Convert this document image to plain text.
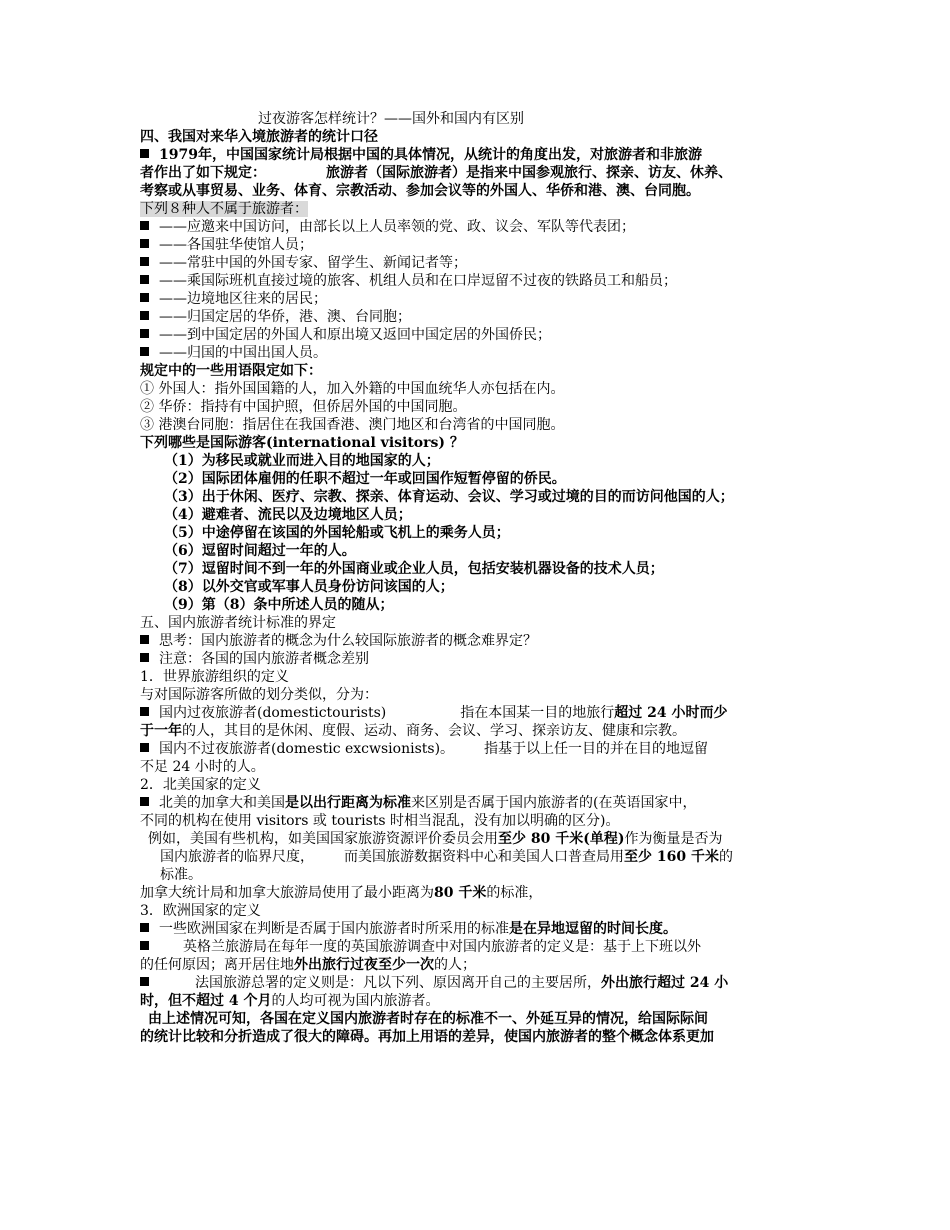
过夜游客怎样统计？——国外和国内有区别
四、我国对来华入境旅游者的统计口径
1979年，中国国家统计局根据中国的具体情况，从统计的角度出发，对旅游者和非旅游
者作出了如下规定：	旅游者（国际旅游者）是指来中国参观旅行、探亲、访友、休养、
考察或从事贸易、业务、体育、宗教活动、参加会议等的外国人、华侨和港、澳、台同胞。
下列８种人不属于旅游者：
——应邀来中国访问，由部长以上人员率领的党、政、议会、军队等代表团；
——各国驻华使馆人员；
——常驻中国的外国专家、留学生、新闻记者等；
——乘国际班机直接过境的旅客、机组人员和在口岸逗留不过夜的铁路员工和船员；
——边境地区往来的居民；
——归国定居的华侨，港、澳、台同胞；
——到中国定居的外国人和原出境又返回中国定居的外国侨民；
——归国的中国出国人员。
规定中的一些用语限定如下：
① 外国人：指外国国籍的人，加入外籍的中国血统华人亦包括在内。
② 华侨：指持有中国护照，但侨居外国的中国同胞。
③ 港澳台同胞：指居住在我国香港、澳门地区和台湾省的中国同胞。
下列哪些是国际游客(international visitors) ？
（1）为移民或就业而进入目的地国家的人；
（2）国际团体雇佣的任职不超过一年或回国作短暂停留的侨民。
（3）出于休闲、医疗、宗教、探亲、体育运动、会议、学习或过境的目的而访问他国的人；
（4）避难者、流民以及边境地区人员；
（5）中途停留在该国的外国轮船或飞机上的乘务人员；
（6）逗留时间超过一年的人。
（7）逗留时间不到一年的外国商业或企业人员，包括安装机器设备的技术人员；
（8）以外交官或军事人员身份访问该国的人；
（9）第（8）条中所述人员的随从；
五、国内旅游者统计标准的界定
思考：国内旅游者的概念为什么较国际旅游者的概念难界定？
注意：各国的国内旅游者概念差别
1．世界旅游组织的定义
与对国际游客所做的划分类似，分为：
国内过夜旅游者(domestictourists)	指在本国某一目的地旅行超过 24 小时而少
于一年的人，其目的是休闲、度假、运动、商务、会议、学习、探亲访友、健康和宗教。
国内不过夜旅游者(domestic excwsionists)。 指基于以上任一目的并在目的地逗留
不足 24 小时的人。
2．北美国家的定义
北美的加拿大和美国是以出行距离为标准来区别是否属于国内旅游者的(在英语国家中，
不同的机构在使用 visitors 或 tourists 时相当混乱，没有加以明确的区分)。
例如，美国有些机构，如美国国家旅游资源评价委员会用至少 80 千米(单程)作为衡量是否为
国内旅游者的临界尺度， 而美国旅游数据资料中心和美国人口普查局用至少 160 千米的
标准。
加拿大统计局和加拿大旅游局使用了最小距离为80 千米的标准，
3．欧洲国家的定义
一些欧洲国家在判断是否属于国内旅游者时所采用的标准是在异地逗留的时间长度。
英格兰旅游局在每年一度的英国旅游调查中对国内旅游者的定义是：基于上下班以外
的任何原因；离开居住地外出旅行过夜至少一次的人；
法国旅游总署的定义则是：凡以下列、原因离开自己的主要居所，外出旅行超过 24 小
时，但不超过 4 个月的人均可视为国内旅游者。
由上述情况可知，各国在定义国内旅游者时存在的标准不一、外延互异的情况，给国际际间
的统计比较和分折造成了很大的障碍。再加上用语的差异，使国内旅游者的整个概念体系更加
